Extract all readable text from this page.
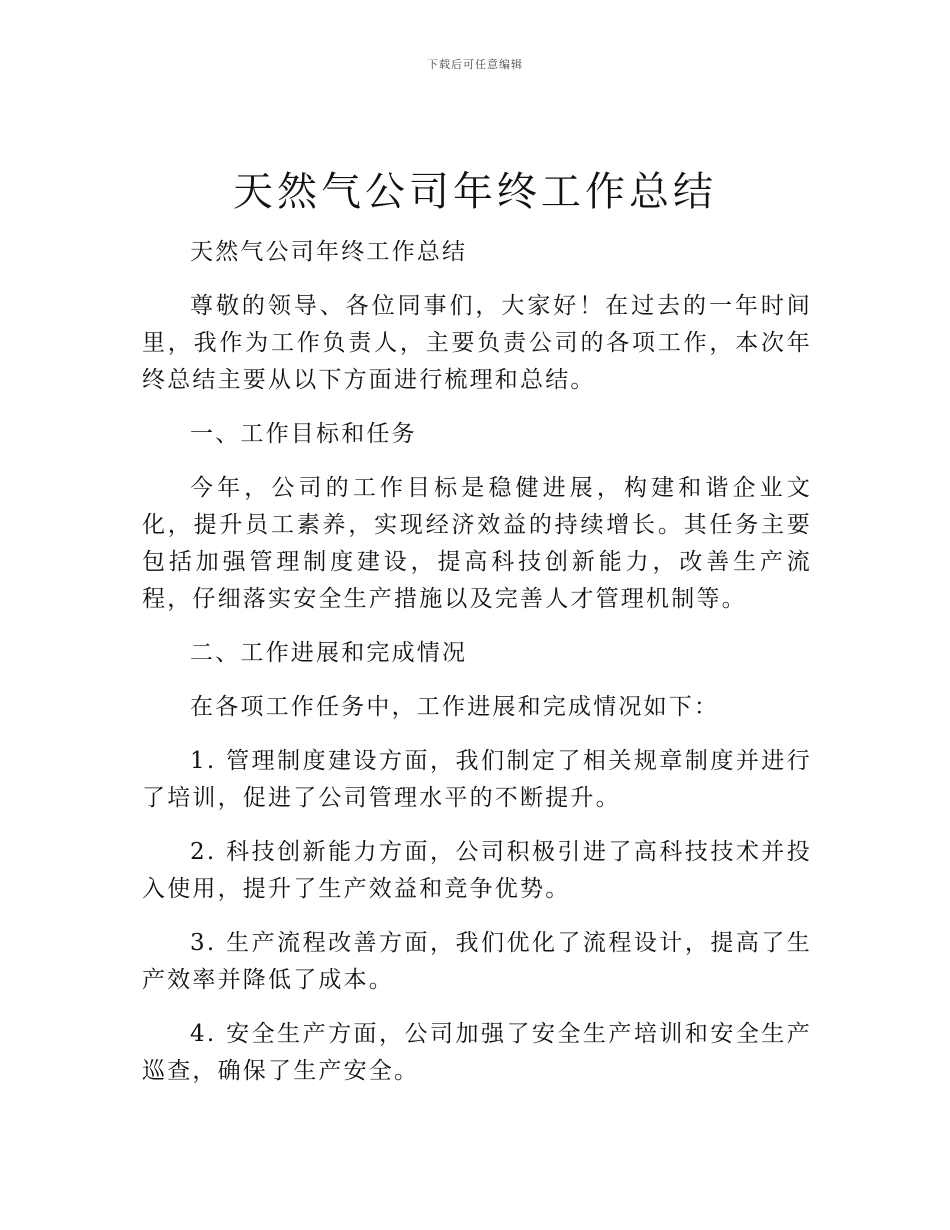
下载后可任意编辑
天然气公司年终工作总结

天然气公司年终工作总结

尊敬的领导、各位同事们，大家好！在过去的一年时间里，我作为工作负责人，主要负责公司的各项工作，本次年终总结主要从以下方面进行梳理和总结。

一、工作目标和任务

今年，公司的工作目标是稳健进展，构建和谐企业文化，提升员工素养，实现经济效益的持续增长。其任务主要包括加强管理制度建设，提高科技创新能力，改善生产流程，仔细落实安全生产措施以及完善人才管理机制等。

二、工作进展和完成情况

在各项工作任务中，工作进展和完成情况如下：

1. 管理制度建设方面，我们制定了相关规章制度并进行了培训，促进了公司管理水平的不断提升。

2. 科技创新能力方面，公司积极引进了高科技技术并投入使用，提升了生产效益和竞争优势。

3. 生产流程改善方面，我们优化了流程设计，提高了生产效率并降低了成本。

4. 安全生产方面，公司加强了安全生产培训和安全生产巡查，确保了生产安全。
